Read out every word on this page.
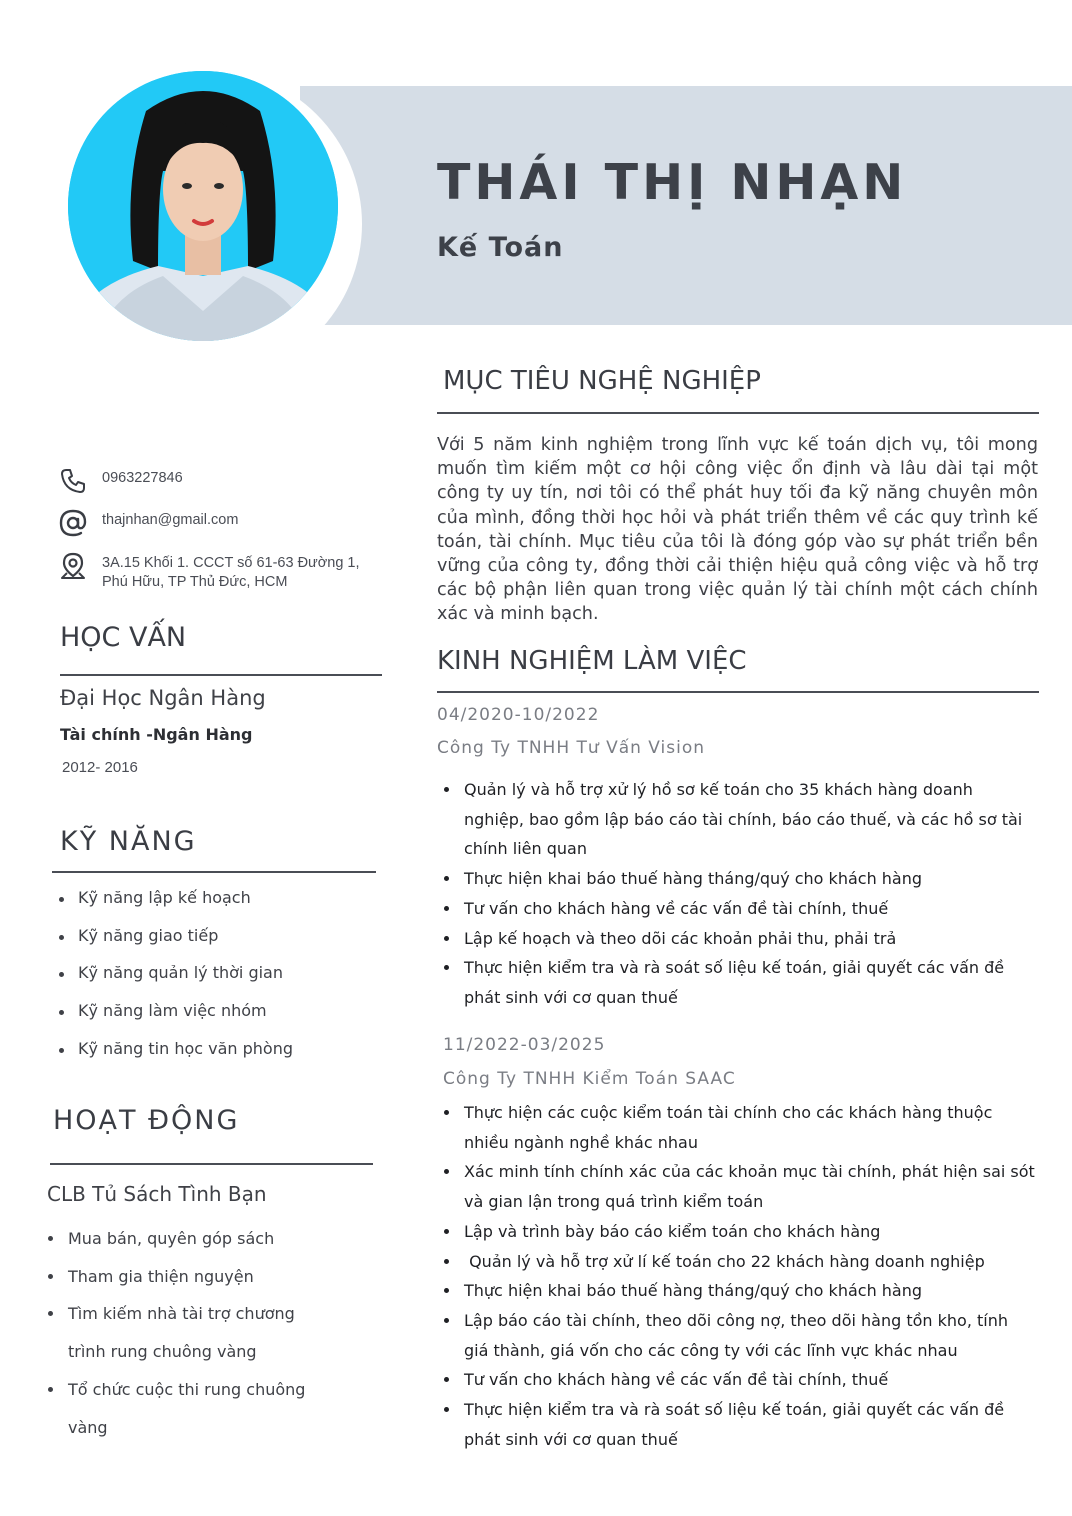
THÁI THỊ NHẠN
Kế Toán
0963227846
thajnhan@gmail.com
3A.15 Khối 1. CCCT số 61-63 Đường 1, Phú Hữu, TP Thủ Đức, HCM
HỌC VẤN
Đại Học Ngân Hàng
Tài chính -Ngân Hàng
2012- 2016
KỸ NĂNG
Kỹ năng lập kế hoạch
Kỹ năng giao tiếp
Kỹ năng quản lý thời gian
Kỹ năng làm việc nhóm
Kỹ năng tin học văn phòng
HOẠT ĐỘNG
CLB Tủ Sách Tình Bạn
Mua bán, quyên góp sách
Tham gia thiện nguyện
Tìm kiếm nhà tài trợ chương trình rung chuông vàng
Tổ chức cuộc thi rung chuông vàng
MỤC TIÊU NGHỆ NGHIỆP
Với 5 năm kinh nghiệm trong lĩnh vực kế toán dịch vụ, tôi mong muốn tìm kiếm một cơ hội công việc ổn định và lâu dài tại một công ty uy tín, nơi tôi có thể phát huy tối đa kỹ năng chuyên môn của mình, đồng thời học hỏi và phát triển thêm về các quy trình kế toán, tài chính. Mục tiêu của tôi là đóng góp vào sự phát triển bền vững của công ty, đồng thời cải thiện hiệu quả công việc và hỗ trợ các bộ phận liên quan trong việc quản lý tài chính một cách chính xác và minh bạch.
KINH NGHIỆM LÀM VIỆC
04/2020-10/2022
Công Ty TNHH Tư Vấn Vision
Quản lý và hỗ trợ xử lý hồ sơ kế toán cho 35 khách hàng doanh nghiệp, bao gồm lập báo cáo tài chính, báo cáo thuế, và các hồ sơ tài chính liên quan
Thực hiện khai báo thuế hàng tháng/quý cho khách hàng
Tư vấn cho khách hàng về các vấn đề tài chính, thuế
Lập kế hoạch và theo dõi các khoản phải thu, phải trả
Thực hiện kiểm tra và rà soát số liệu kế toán, giải quyết các vấn đề phát sinh với cơ quan thuế
11/2022-03/2025
Công Ty TNHH Kiểm Toán SAAC
Thực hiện các cuộc kiểm toán tài chính cho các khách hàng thuộc nhiều ngành nghề khác nhau
Xác minh tính chính xác của các khoản mục tài chính, phát hiện sai sót và gian lận trong quá trình kiểm toán
Lập và trình bày báo cáo kiểm toán cho khách hàng
Quản lý và hỗ trợ xử lí kế toán cho 22 khách hàng doanh nghiệp
Thực hiện khai báo thuế hàng tháng/quý cho khách hàng
Lập báo cáo tài chính, theo dõi công nợ, theo dõi hàng tồn kho, tính giá thành, giá vốn cho các công ty với các lĩnh vực khác nhau
Tư vấn cho khách hàng về các vấn đề tài chính, thuế
Thực hiện kiểm tra và rà soát số liệu kế toán, giải quyết các vấn đề phát sinh với cơ quan thuế
